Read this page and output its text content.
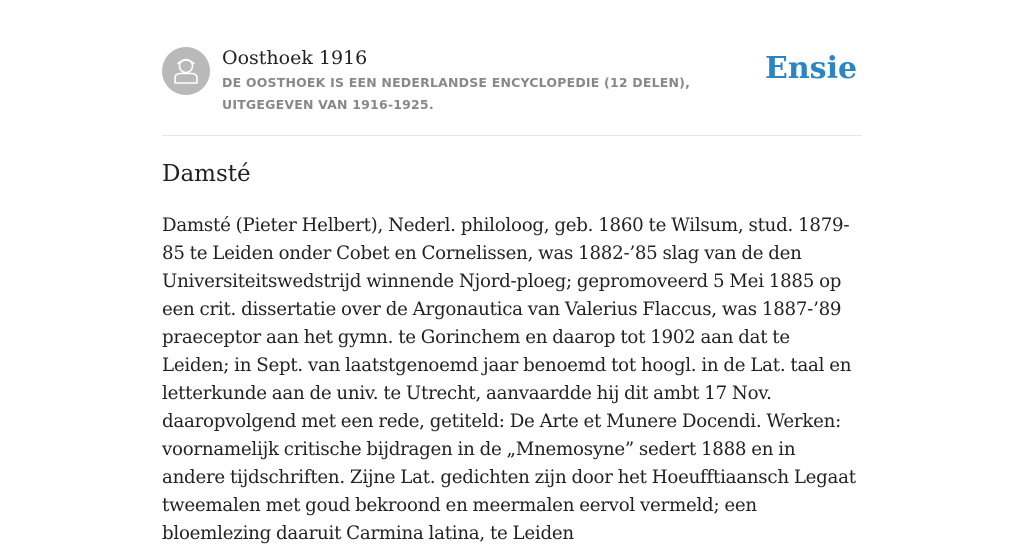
Oosthoek 1916
DE OOSTHOEK IS EEN NEDERLANDSE ENCYCLOPEDIE (12 DELEN), UITGEGEVEN VAN 1916-1925.
Ensie
Damsté

Damsté (Pieter Helbert), Nederl. philoloog, geb. 1860 te Wilsum, stud. 1879-85 te Leiden onder Cobet en Cornelissen, was 1882-’85 slag van de den Universiteitswedstrijd winnende Njord-ploeg; gepromoveerd 5 Mei 1885 op een crit. dissertatie over de Argonautica van Valerius Flaccus, was 1887-’89 praeceptor aan het gymn. te Gorinchem en daarop tot 1902 aan dat te Leiden; in Sept. van laatstgenoemd jaar benoemd tot hoogl. in de Lat. taal en letterkunde aan de univ. te Utrecht, aanvaardde hij dit ambt 17 Nov. daaropvolgend met een rede, getiteld: De Arte et Munere Docendi. Werken: voornamelijk critische bijdragen in de „Mnemosyne” sedert 1888 en in andere tijdschriften. Zijne Lat. gedichten zijn door het Hoeufftiaansch Legaat tweemalen met goud bekroond en meermalen eervol vermeld; een bloemlezing daaruit Carmina latina, te Leiden
